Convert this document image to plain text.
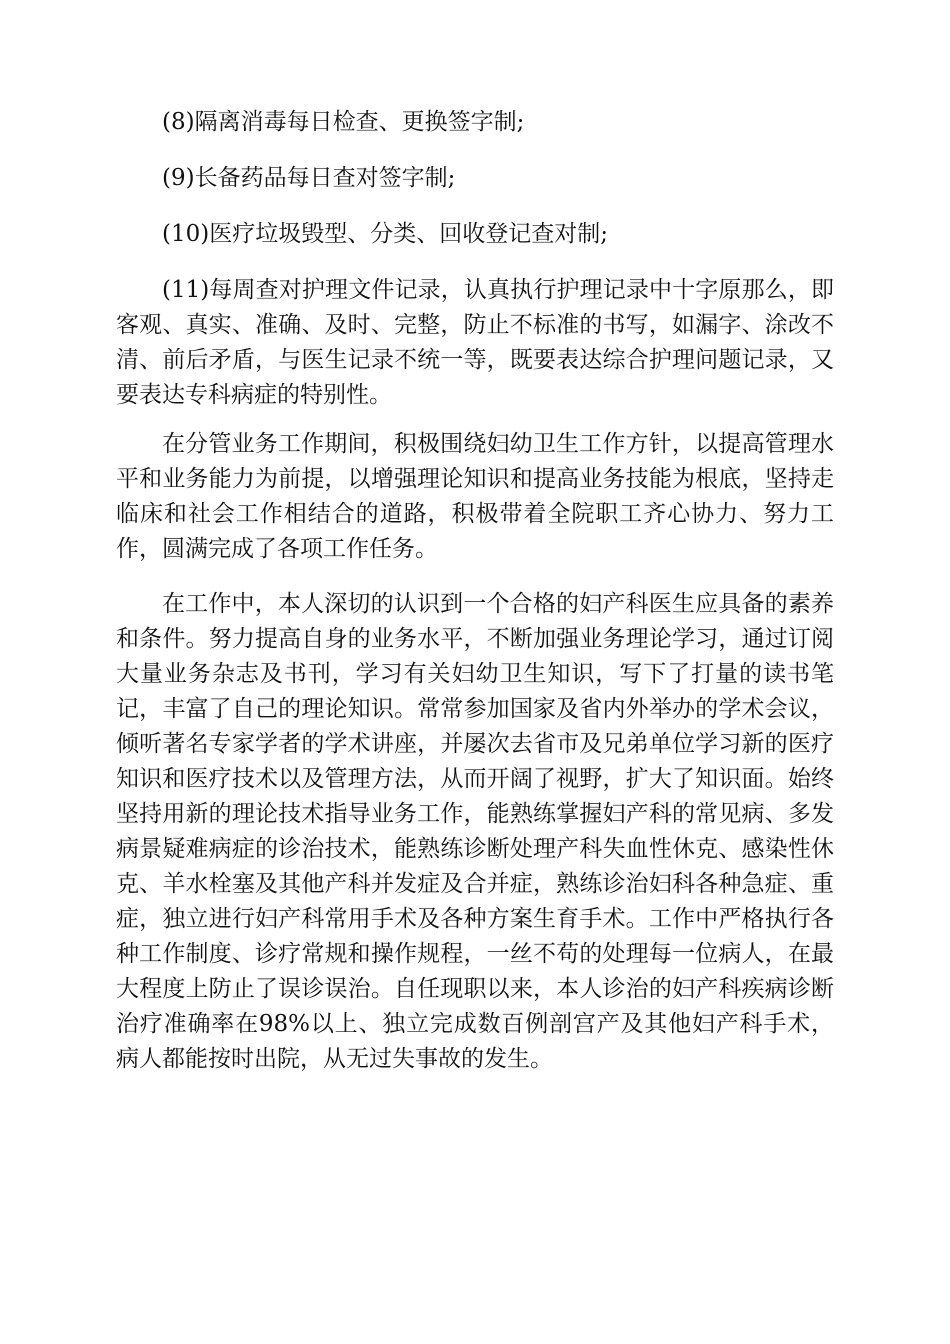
(8)隔离消毒每日检查、更换签字制;

(9)长备药品每日查对签字制;

(10)医疗垃圾毁型、分类、回收登记查对制;

(11)每周查对护理文件记录，认真执行护理记录中十字原那么，即客观、真实、准确、及时、完整，防止不标准的书写，如漏字、涂改不清、前后矛盾，与医生记录不统一等，既要表达综合护理问题记录，又要表达专科病症的特别性。

在分管业务工作期间，积极围绕妇幼卫生工作方针，以提高管理水平和业务能力为前提，以增强理论知识和提高业务技能为根底，坚持走临床和社会工作相结合的道路，积极带着全院职工齐心协力、努力工作，圆满完成了各项工作任务。

在工作中，本人深切的认识到一个合格的妇产科医生应具备的素养和条件。努力提高自身的业务水平，不断加强业务理论学习，通过订阅大量业务杂志及书刊，学习有关妇幼卫生知识，写下了打量的读书笔记，丰富了自己的理论知识。常常参加国家及省内外举办的学术会议，倾听著名专家学者的学术讲座，并屡次去省市及兄弟单位学习新的医疗知识和医疗技术以及管理方法，从而开阔了视野，扩大了知识面。始终坚持用新的理论技术指导业务工作，能熟练掌握妇产科的常见病、多发病景疑难病症的诊治技术，能熟练诊断处理产科失血性休克、感染性休克、羊水栓塞及其他产科并发症及合并症，熟练诊治妇科各种急症、重症，独立进行妇产科常用手术及各种方案生育手术。工作中严格执行各种工作制度、诊疗常规和操作规程，一丝不苟的处理每一位病人，在最大程度上防止了误诊误治。自任现职以来，本人诊治的妇产科疾病诊断治疗准确率在98%以上、独立完成数百例剖宫产及其他妇产科手术，病人都能按时出院，从无过失事故的发生。
